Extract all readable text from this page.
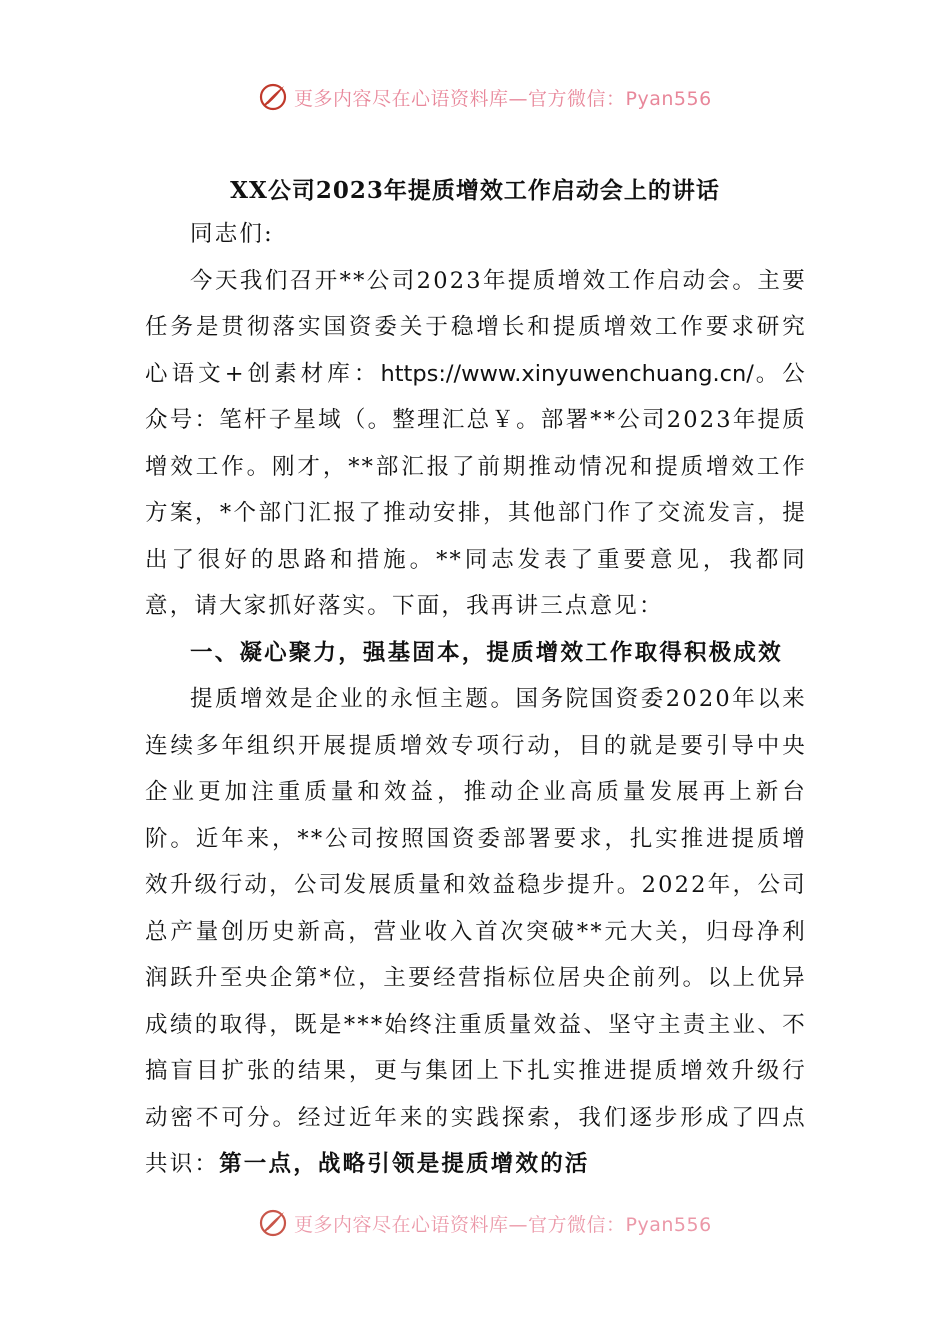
更多内容尽在心语资料库—官方微信：Pyan556
XX公司2023年提质增效工作启动会上的讲话

同志们:

今天我们召开**公司2023年提质增效工作启动会。主要任务是贯彻落实国资委关于稳增长和提质增效工作要求研究心语文+创素材库：https://www.xinyuwenchuang.cn/。公众号：笔杆子星域（。整理汇总￥。部署**公司2023年提质增效工作。刚才，**部汇报了前期推动情况和提质增效工作方案，*个部门汇报了推动安排，其他部门作了交流发言，提出了很好的思路和措施。**同志发表了重要意见，我都同意，请大家抓好落实。下面，我再讲三点意见：

一、凝心聚力，强基固本，提质增效工作取得积极成效

提质增效是企业的永恒主题。国务院国资委2020年以来连续多年组织开展提质增效专项行动，目的就是要引导中央企业更加注重质量和效益，推动企业高质量发展再上新台阶。近年来，**公司按照国资委部署要求，扎实推进提质增效升级行动，公司发展质量和效益稳步提升。2022年，公司总产量创历史新高，营业收入首次突破**元大关，归母净利润跃升至央企第*位，主要经营指标位居央企前列。以上优异成绩的取得，既是***始终注重质量效益、坚守主责主业、不搞盲目扩张的结果，更与集团上下扎实推进提质增效升级行动密不可分。经过近年来的实践探索，我们逐步形成了四点共识：第一点，战略引领是提质增效的活

更多内容尽在心语资料库—官方微信：Pyan556
